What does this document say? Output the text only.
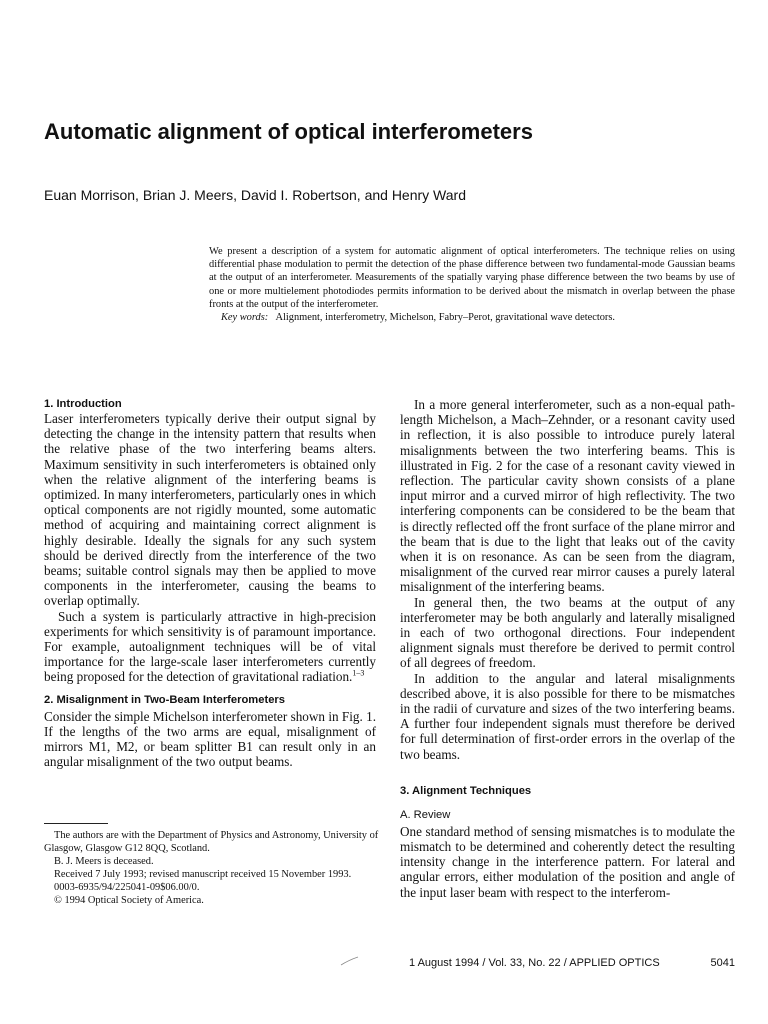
Automatic alignment of optical interferometers
Euan Morrison, Brian J. Meers, David I. Robertson, and Henry Ward

We present a description of a system for automatic alignment of optical interferometers. The technique relies on using differential phase modulation to permit the detection of the phase difference between two fundamental-mode Gaussian beams at the output of an interferometer. Measurements of the spatially varying phase difference between the two beams by use of one or more multielement photodiodes permits information to be derived about the mismatch in overlap between the phase fronts at the output of the interferometer.

Key words: Alignment, interferometry, Michelson, Fabry–Perot, gravitational wave detectors.
1. Introduction

Laser interferometers typically derive their output signal by detecting the change in the intensity pattern that results when the relative phase of the two interfering beams alters. Maximum sensitivity in such interferometers is obtained only when the relative alignment of the interfering beams is optimized. In many interferometers, particularly ones in which optical components are not rigidly mounted, some automatic method of acquiring and maintaining correct alignment is highly desirable. Ideally the signals for any such system should be derived directly from the interference of the two beams; suitable control signals may then be applied to move components in the interferometer, causing the beams to overlap optimally.

Such a system is particularly attractive in high-precision experiments for which sensitivity is of paramount importance. For example, autoalignment techniques will be of vital importance for the large-scale laser interferometers currently being proposed for the detection of gravitational radiation.$^{1-3}$

2. Misalignment in Two-Beam Interferometers

Consider the simple Michelson interferometer shown in Fig. 1. If the lengths of the two arms are equal, misalignment of mirrors M1, M2, or beam splitter B1 can result only in an angular misalignment of the two output beams.

In a more general interferometer, such as a non-equal path-length Michelson, a Mach–Zehnder, or a resonant cavity used in reflection, it is also possible to introduce purely lateral misalignments between the two interfering beams. This is illustrated in Fig. 2 for the case of a resonant cavity viewed in reflection. The particular cavity shown consists of a plane input mirror and a curved mirror of high reflectivity. The two interfering components can be considered to be the beam that is directly reflected off the front surface of the plane mirror and the beam that is due to the light that leaks out of the cavity when it is on resonance. As can be seen from the diagram, misalignment of the curved rear mirror causes a purely lateral misalignment of the interfering beams.

In general then, the two beams at the output of any interferometer may be both angularly and laterally misaligned in each of two orthogonal directions. Four independent alignment signals must therefore be derived to permit control of all degrees of freedom.

In addition to the angular and lateral misalignments described above, it is also possible for there to be mismatches in the radii of curvature and sizes of the two interfering beams. A further four independent signals must therefore be derived for full determination of first-order errors in the overlap of the two beams.

3. Alignment Techniques
A. Review

One standard method of sensing mismatches is to modulate the mismatch to be determined and coherently detect the resulting intensity change in the interference pattern. For lateral and angular errors, either modulation of the position and angle of the input laser beam with respect to the interferom-

The authors are with the Department of Physics and Astronomy, University of Glasgow, Glasgow G12 8QQ, Scotland.

B. J. Meers is deceased.

Received 7 July 1993; revised manuscript received 15 November 1993.

0003-6935/94/225041-09$06.00/0.

© 1994 Optical Society of America.

1 August 1994 / Vol. 33, No. 22 / APPLIED OPTICS	5041
